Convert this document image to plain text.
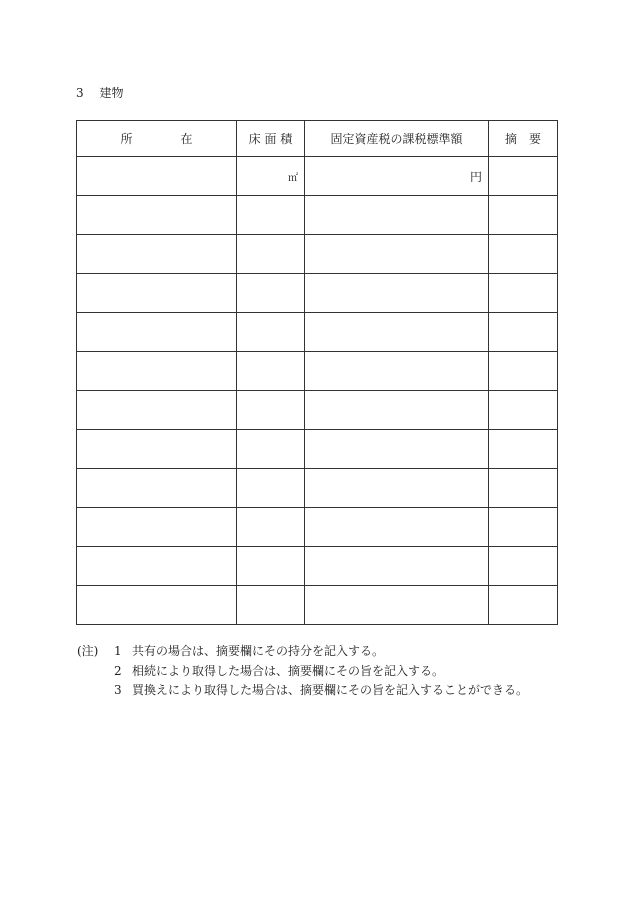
3 建物
所　　　　在	床 面 積	固定資産税の課税標準額	摘　要
	㎡	円	

(注)	1 共有の場合は、摘要欄にその持分を記入する。
2 相続により取得した場合は、摘要欄にその旨を記入する。
3 買換えにより取得した場合は、摘要欄にその旨を記入することができる。
